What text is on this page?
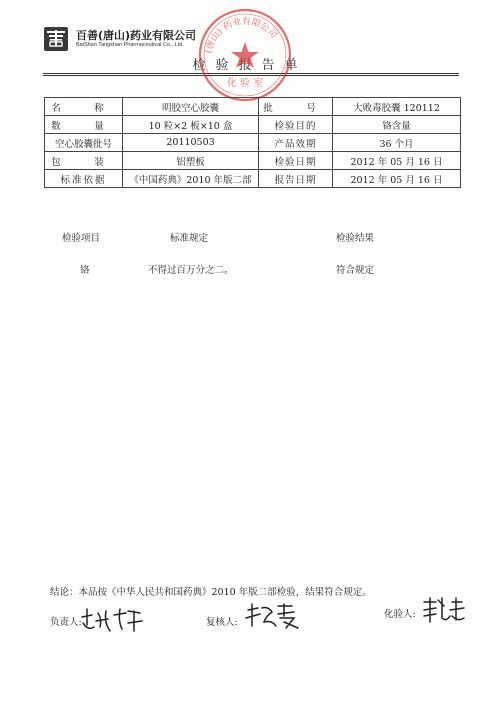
百善(唐山)药业有限公司
BaiShan Tangshan Pharmaceutical Co., Ltd.
检验报告单
(唐山) 药业有限公司
化 验 室
名　称	明胶空心胶囊	批　号	大败毒胶囊 120112
数　量	10 粒×2 板×10 盒	检验目的	铬含量
空心胶囊批号	20110503	产品效期	36 个月
包　装	铝塑板	检验日期	2012 年 05 月 16 日
标准依据	《中国药典》2010 年版二部	报告日期	2012 年 05 月 16 日
检验项目	标准规定	检验结果
铬	不得过百万分之二。	符合规定
结论：本品按《中华人民共和国药典》2010 年版二部检验，结果符合规定。
负责人:	复核人:
化验人:
